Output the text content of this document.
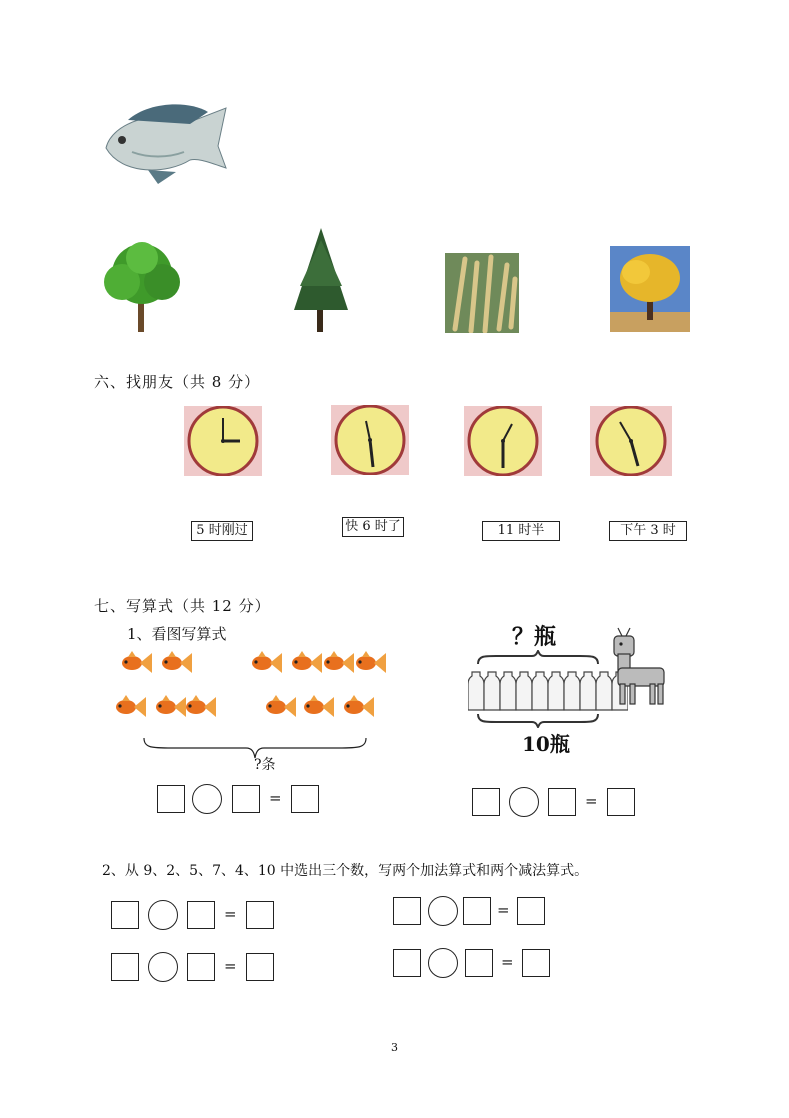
六、找朋友（共 8 分）
5 时刚过	快 6 时了	11 时半	下午 3 时
七、写算式（共 12 分）
1、看图写算式
?条
？瓶
10瓶
=	=
2、从 9、2、5、7、4、10 中选出三个数，写两个加法算式和两个减法算式。
=
=
=
=
3
